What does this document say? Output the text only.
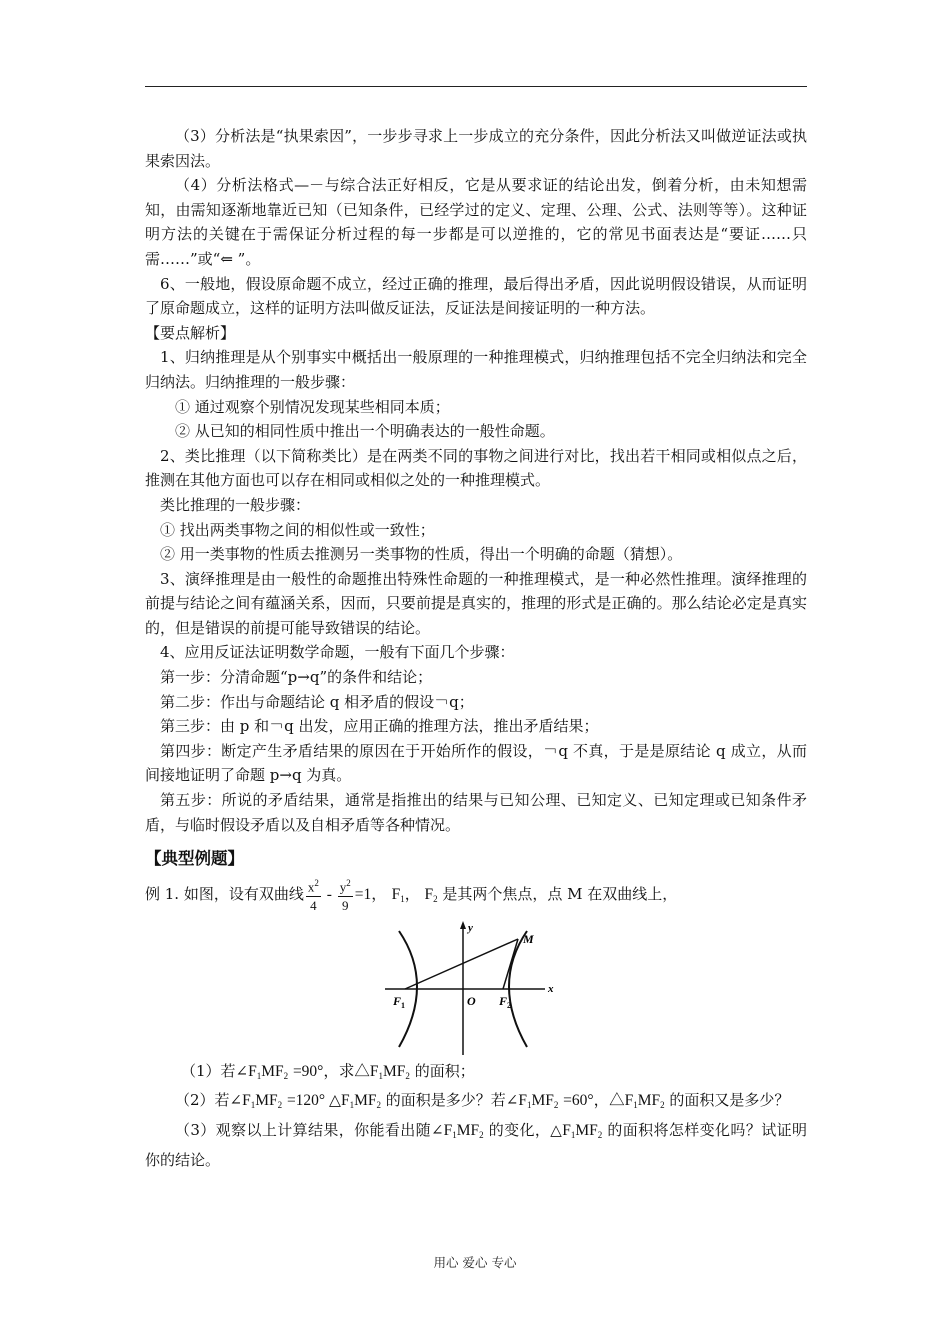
（3）分析法是“执果索因”，一步步寻求上一步成立的充分条件，因此分析法又叫做逆证法或执果索因法。

（4）分析法格式—－与综合法正好相反，它是从要求证的结论出发，倒着分析，由未知想需知，由需知逐渐地靠近已知（已知条件，已经学过的定义、定理、公理、公式、法则等等）。这种证明方法的关键在于需保证分析过程的每一步都是可以逆推的，它的常见书面表达是“要证……只需……”或“⇐ ”。

6、一般地，假设原命题不成立，经过正确的推理，最后得出矛盾，因此说明假设错误，从而证明了原命题成立，这样的证明方法叫做反证法，反证法是间接证明的一种方法。

【要点解析】

1、归纳推理是从个别事实中概括出一般原理的一种推理模式，归纳推理包括不完全归纳法和完全归纳法。归纳推理的一般步骤：

① 通过观察个别情况发现某些相同本质；

② 从已知的相同性质中推出一个明确表达的一般性命题。

2、类比推理（以下简称类比）是在两类不同的事物之间进行对比，找出若干相同或相似点之后，推测在其他方面也可以存在相同或相似之处的一种推理模式。

类比推理的一般步骤：

① 找出两类事物之间的相似性或一致性；

② 用一类事物的性质去推测另一类事物的性质，得出一个明确的命题（猜想）。

3、演绎推理是由一般性的命题推出特殊性命题的一种推理模式，是一种必然性推理。演绎推理的前提与结论之间有蕴涵关系，因而，只要前提是真实的，推理的形式是正确的。那么结论必定是真实的，但是错误的前提可能导致错误的结论。

4、应用反证法证明数学命题，一般有下面几个步骤：

第一步：分清命题“p→q”的条件和结论；

第二步：作出与命题结论 q 相矛盾的假设￢q；

第三步：由 p 和￢q 出发，应用正确的推理方法，推出矛盾结果；

第四步：断定产生矛盾结果的原因在于开始所作的假设，￢q 不真，于是是原结论 q 成立，从而间接地证明了命题 p→q 为真。

第五步：所说的矛盾结果，通常是指推出的结果与已知公理、已知定义、已知定理或已知条件矛盾，与临时假设矛盾以及自相矛盾等各种情况。

【典型例题】

例 1. 如图，设有双曲线 $\frac{x^2}{4} - \frac{y^2}{9} =1$， $F_1$， $F_2$ 是其两个焦点，点 M 在双曲线上，

y
x
M
O
F 1	F 2

（1）若$\angle F_1MF_2 =90^\circ$，求$\triangle F_1MF_2$ 的面积；

（2）若$\angle F_1MF_2 =120^\circ$ $\triangle F_1MF_2$ 的面积是多少？若$\angle F_1MF_2 =60^\circ$，$\triangle F_1MF_2$ 的面积又是多少？

（3）观察以上计算结果，你能看出随$\angle F_1MF_2$ 的变化，$\triangle F_1MF_2$ 的面积将怎样变化吗？试证明你的结论。

用心 爱心 专心
